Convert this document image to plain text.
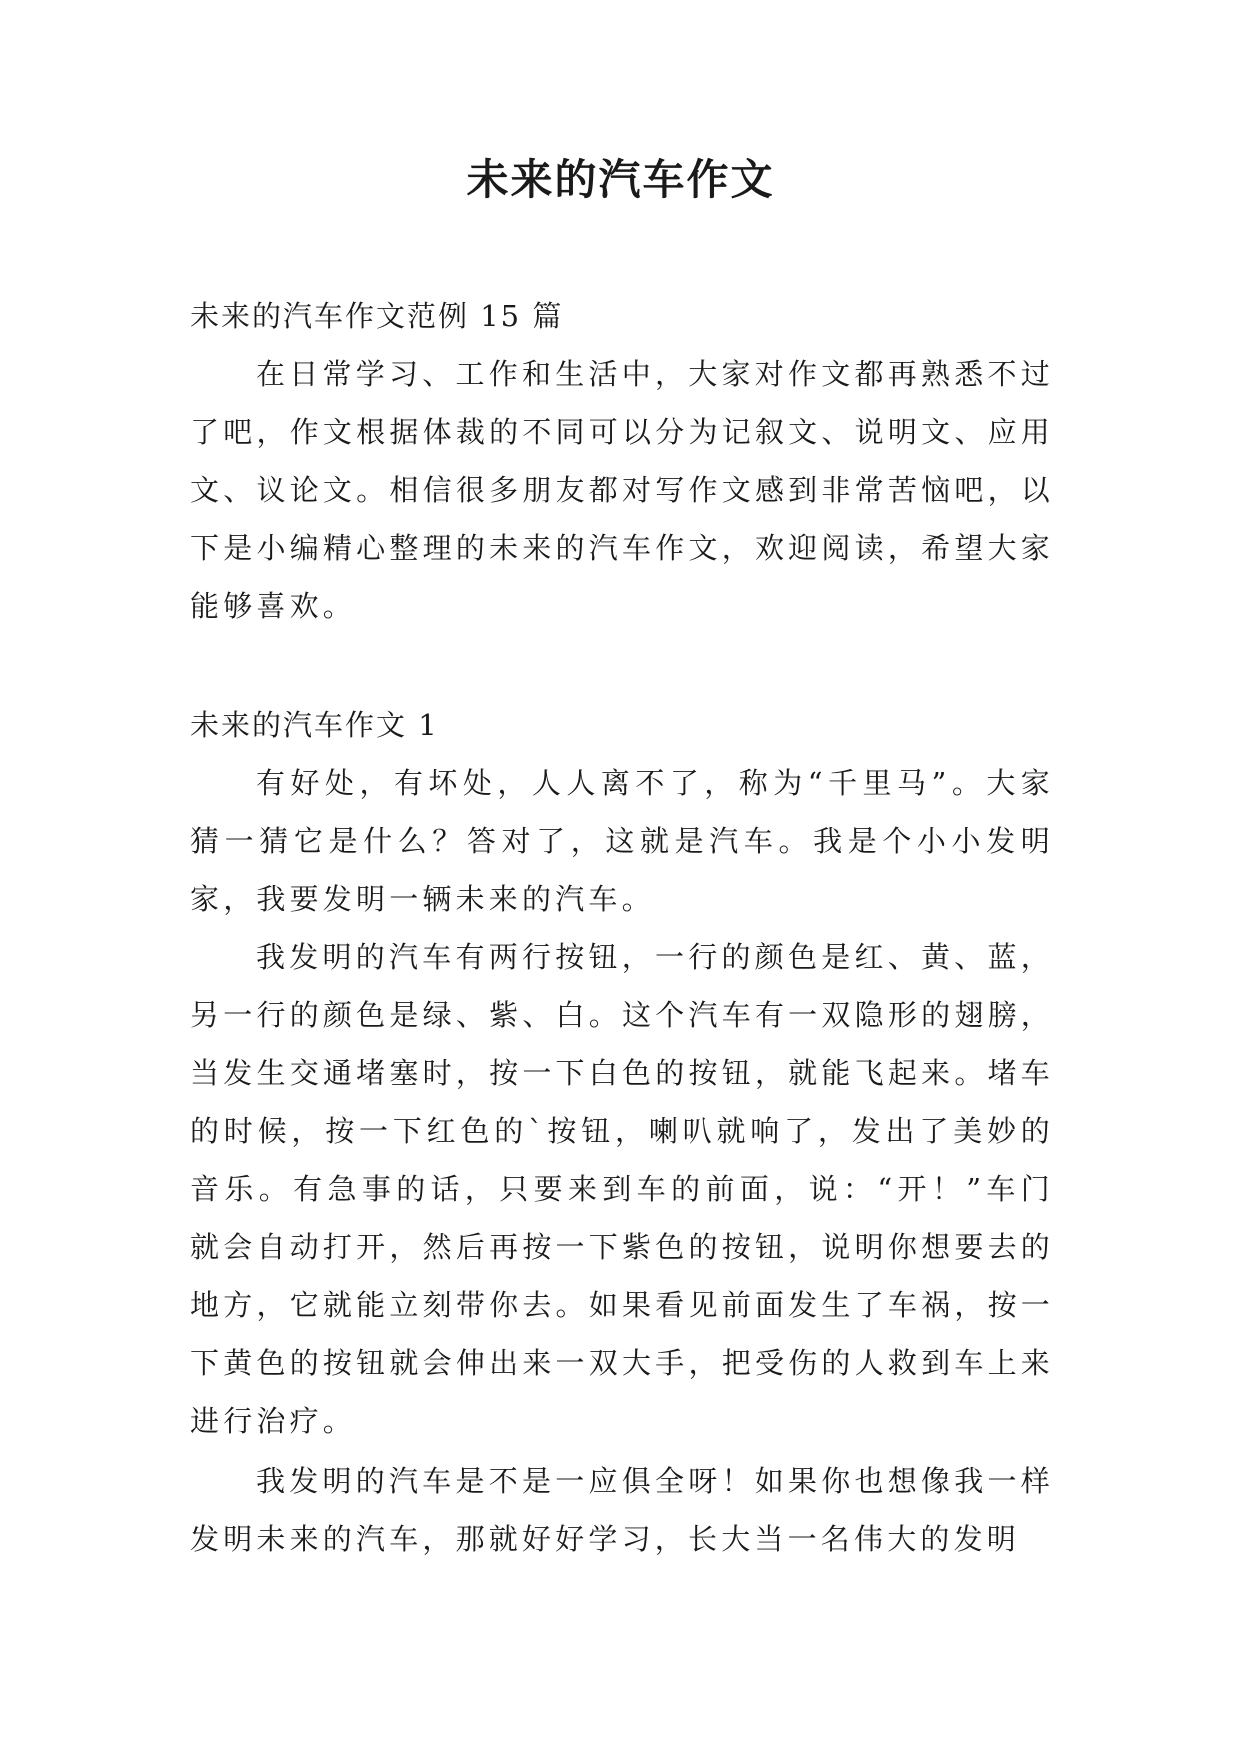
未来的汽车作文

未来的汽车作文范例 15 篇

在日常学习、工作和生活中，大家对作文都再熟悉不过了吧，作文根据体裁的不同可以分为记叙文、说明文、应用文、议论文。相信很多朋友都对写作文感到非常苦恼吧，以下是小编精心整理的未来的汽车作文，欢迎阅读，希望大家能够喜欢。

未来的汽车作文 1

有好处，有坏处，人人离不了，称为“千里马”。大家猜一猜它是什么？答对了，这就是汽车。我是个小小发明家，我要发明一辆未来的汽车。

我发明的汽车有两行按钮，一行的颜色是红、黄、蓝，另一行的颜色是绿、紫、白。这个汽车有一双隐形的翅膀，当发生交通堵塞时，按一下白色的按钮，就能飞起来。堵车的时候，按一下红色的`按钮，喇叭就响了，发出了美妙的音乐。有急事的话，只要来到车的前面，说：“开！”车门就会自动打开，然后再按一下紫色的按钮，说明你想要去的地方，它就能立刻带你去。如果看见前面发生了车祸，按一下黄色的按钮就会伸出来一双大手，把受伤的人救到车上来进行治疗。

我发明的汽车是不是一应俱全呀！如果你也想像我一样发明未来的汽车，那就好好学习，长大当一名伟大的发明
